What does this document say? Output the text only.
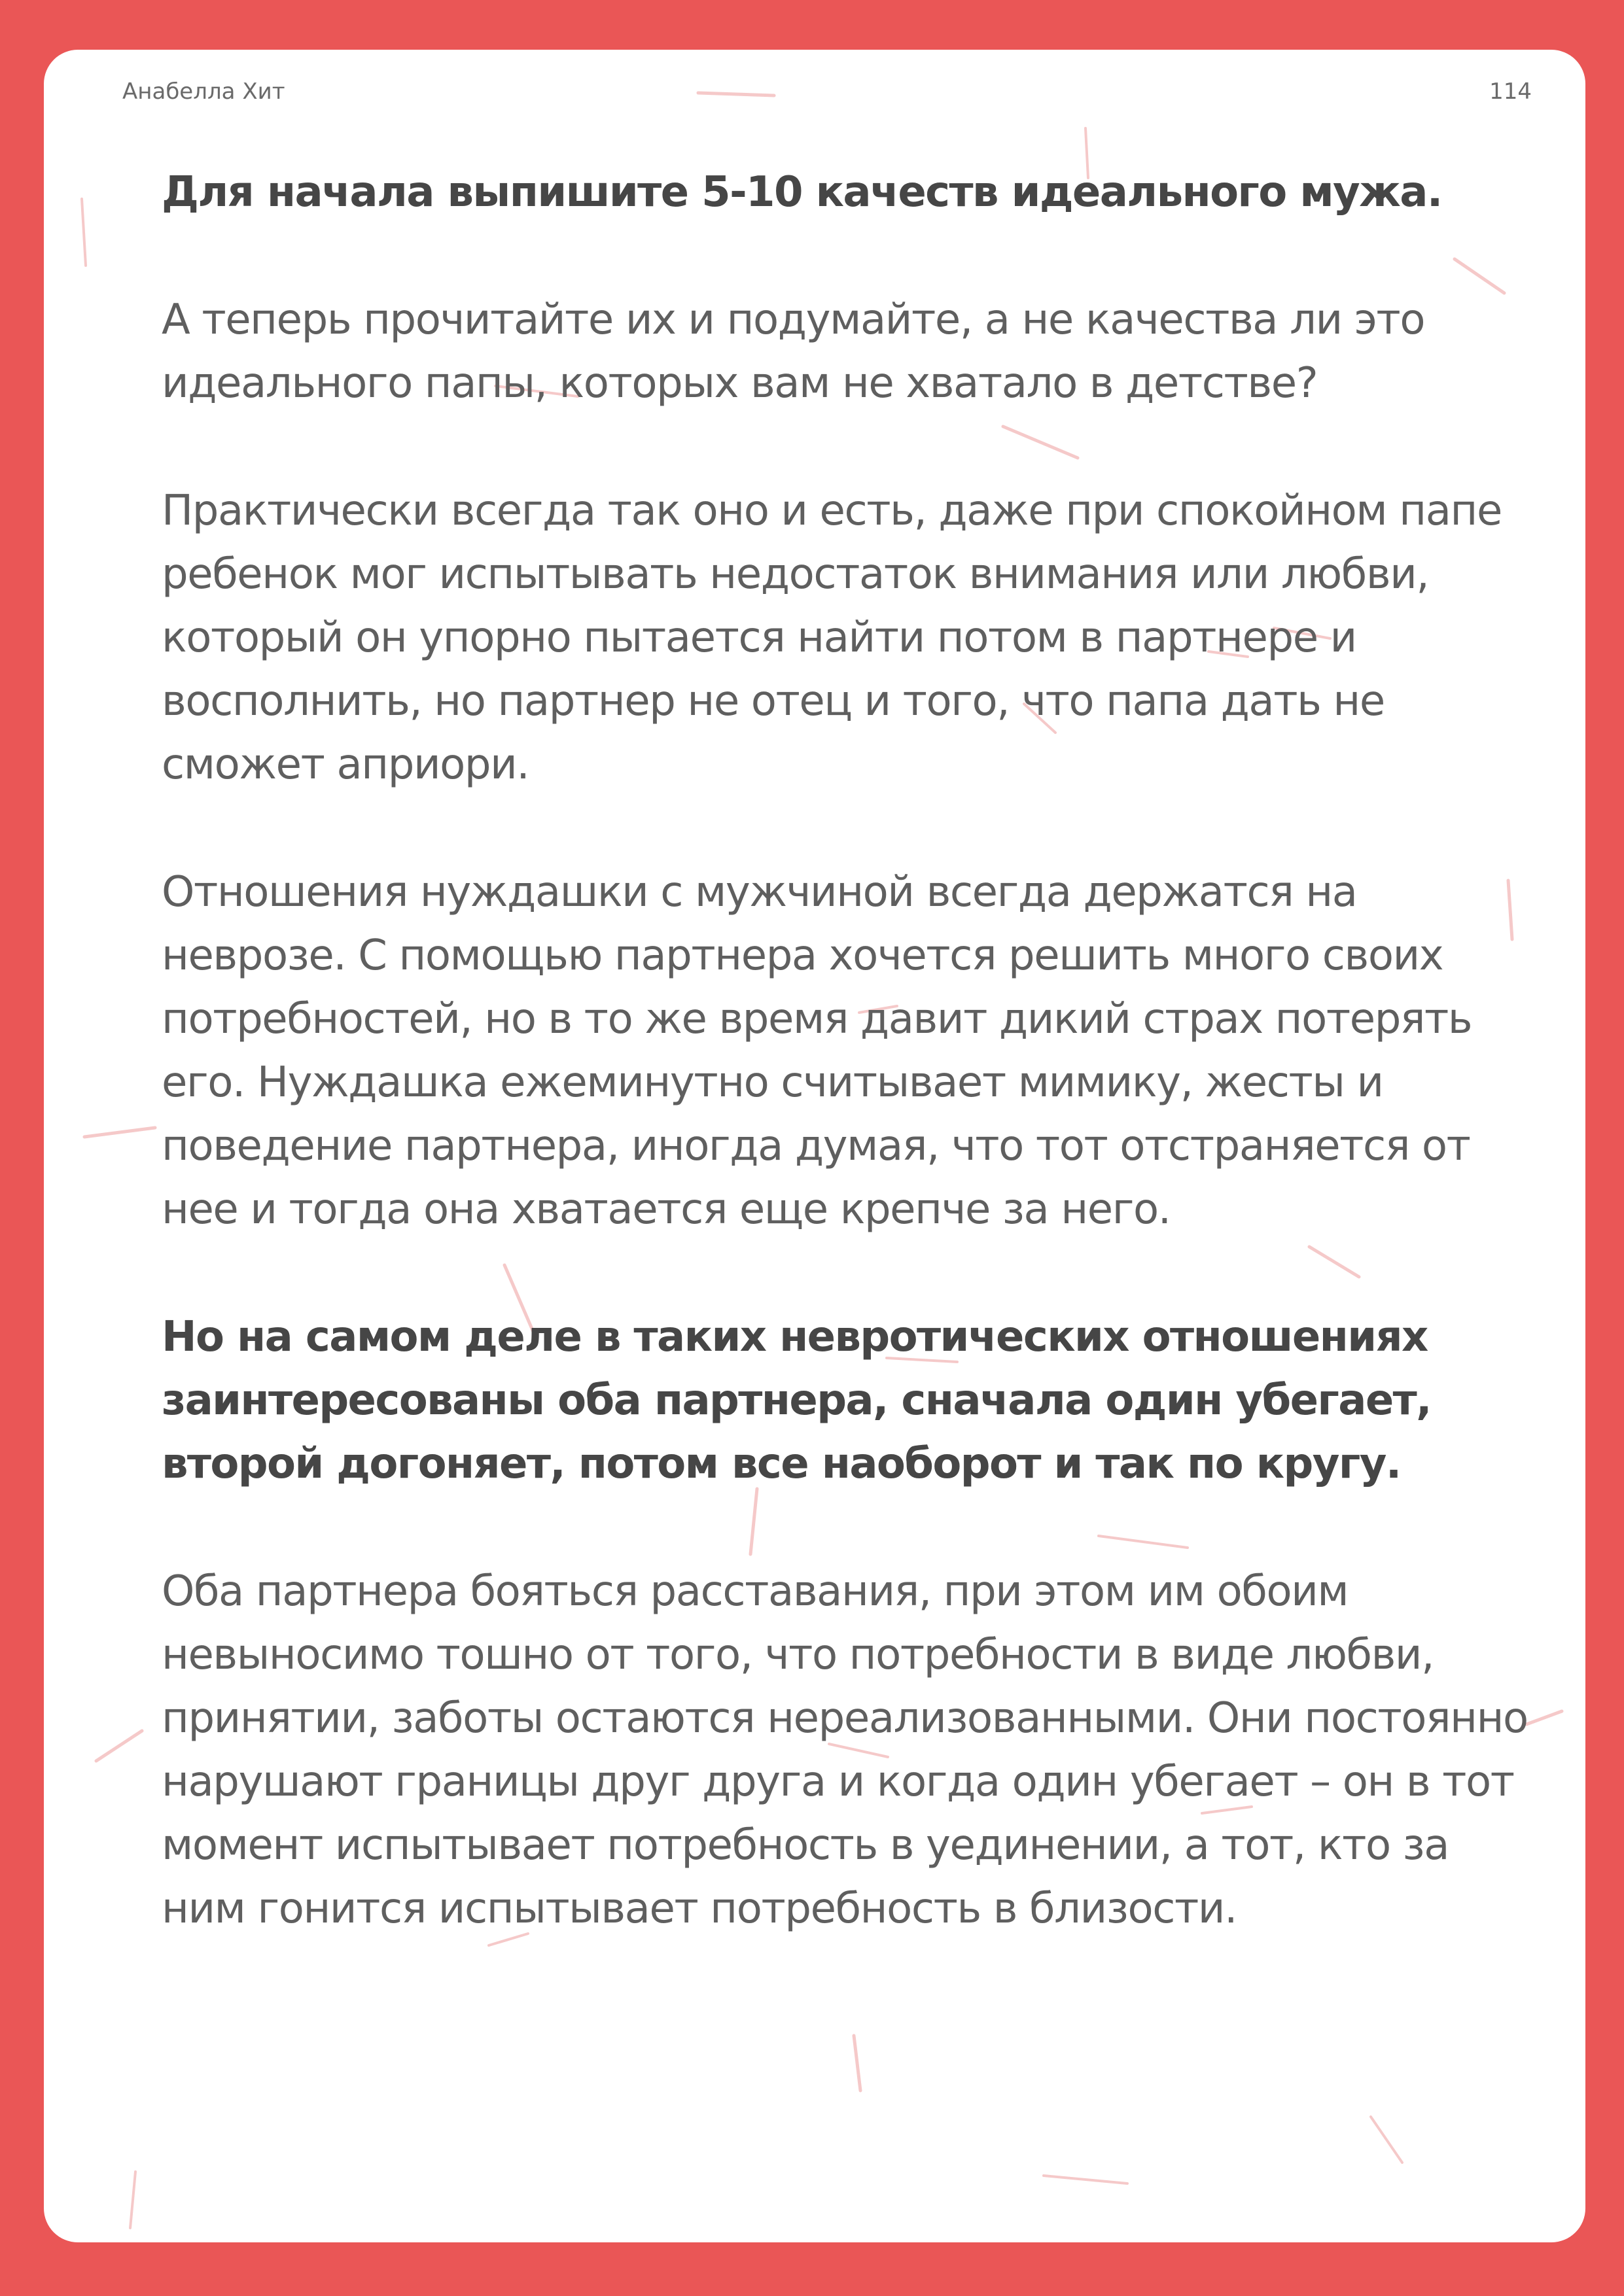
Анабелла Хит	114

Для начала выпишите 5-10 качеств идеального мужа.

А теперь прочитайте их и подумайте, а не качества ли это идеального папы, которых вам не хватало в детстве?

Практически всегда так оно и есть, даже при спокойном папе ребенок мог испытывать недостаток внимания или любви, который он упорно пытается найти потом в партнере и восполнить, но партнер не отец и того, что папа дать не сможет априори.

Отношения нуждашки с мужчиной всегда держатся на неврозе. С помощью партнера хочется решить много своих потребностей, но в то же время давит дикий страх потерять его. Нуждашка ежеминутно считывает мимику, жесты и поведение партнера, иногда думая, что тот отстраняется от нее и тогда она хватается еще крепче за него.

Но на самом деле в таких невротических отношениях заинтересованы оба партнера, сначала один убегает, второй догоняет, потом все наоборот и так по кругу.

Оба партнера бояться расставания, при этом им обоим невыносимо тошно от того, что потребности в виде любви, принятии, заботы остаются нереализованными. Они постоянно нарушают границы друг друга и когда один убегает – он в тот момент испытывает потребность в уединении, а тот, кто за ним гонится испытывает потребность в близости.
